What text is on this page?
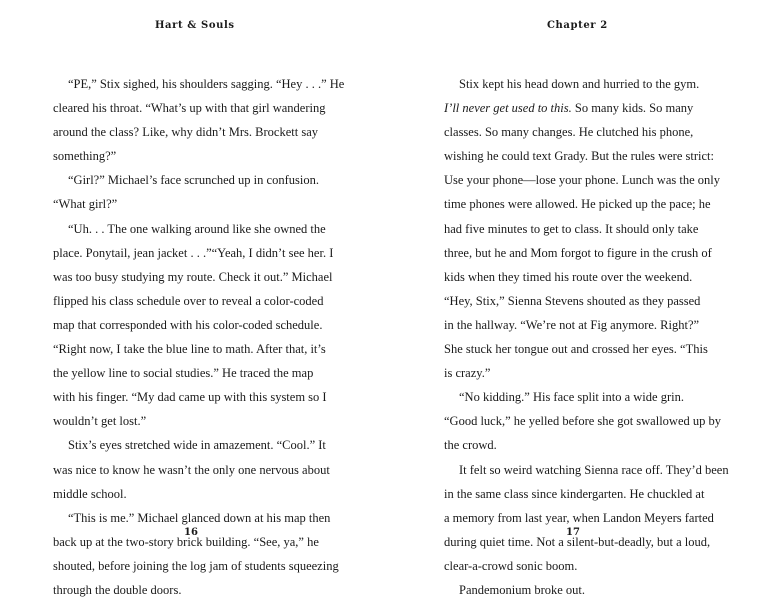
Hart & Souls
“PE,” Stix sighed, his shoulders sagging. “Hey . . .” He
cleared his throat. “What’s up with that girl wandering
around the class? Like, why didn’t Mrs. Brockett say
something?”
“Girl?” Michael’s face scrunched up in confusion.
“What girl?”
“Uh. . . The one walking around like she owned the
place. Ponytail, jean jacket . . .”“Yeah, I didn’t see her. I
was too busy studying my route. Check it out.” Michael
flipped his class schedule over to reveal a color-coded
map that corresponded with his color-coded schedule.
“Right now, I take the blue line to math. After that, it’s
the yellow line to social studies.” He traced the map
with his finger. “My dad came up with this system so I
wouldn’t get lost.”
Stix’s eyes stretched wide in amazement. “Cool.” It
was nice to know he wasn’t the only one nervous about
middle school.
“This is me.” Michael glanced down at his map then
back up at the two-story brick building. “See, ya,” he
shouted, before joining the log jam of students squeezing
through the double doors.
16
Chapter 2
Stix kept his head down and hurried to the gym.
I’ll never get used to this. So many kids. So many
classes. So many changes. He clutched his phone,
wishing he could text Grady. But the rules were strict:
Use your phone—lose your phone. Lunch was the only
time phones were allowed. He picked up the pace; he
had five minutes to get to class. It should only take
three, but he and Mom forgot to figure in the crush of
kids when they timed his route over the weekend.
“Hey, Stix,” Sienna Stevens shouted as they passed
in the hallway. “We’re not at Fig anymore. Right?”
She stuck her tongue out and crossed her eyes. “This
is crazy.”
“No kidding.” His face split into a wide grin.
“Good luck,” he yelled before she got swallowed up by
the crowd.
It felt so weird watching Sienna race off. They’d been
in the same class since kindergarten. He chuckled at
a memory from last year, when Landon Meyers farted
during quiet time. Not a silent-but-deadly, but a loud,
clear-a-crowd sonic boom.
Pandemonium broke out.
17
